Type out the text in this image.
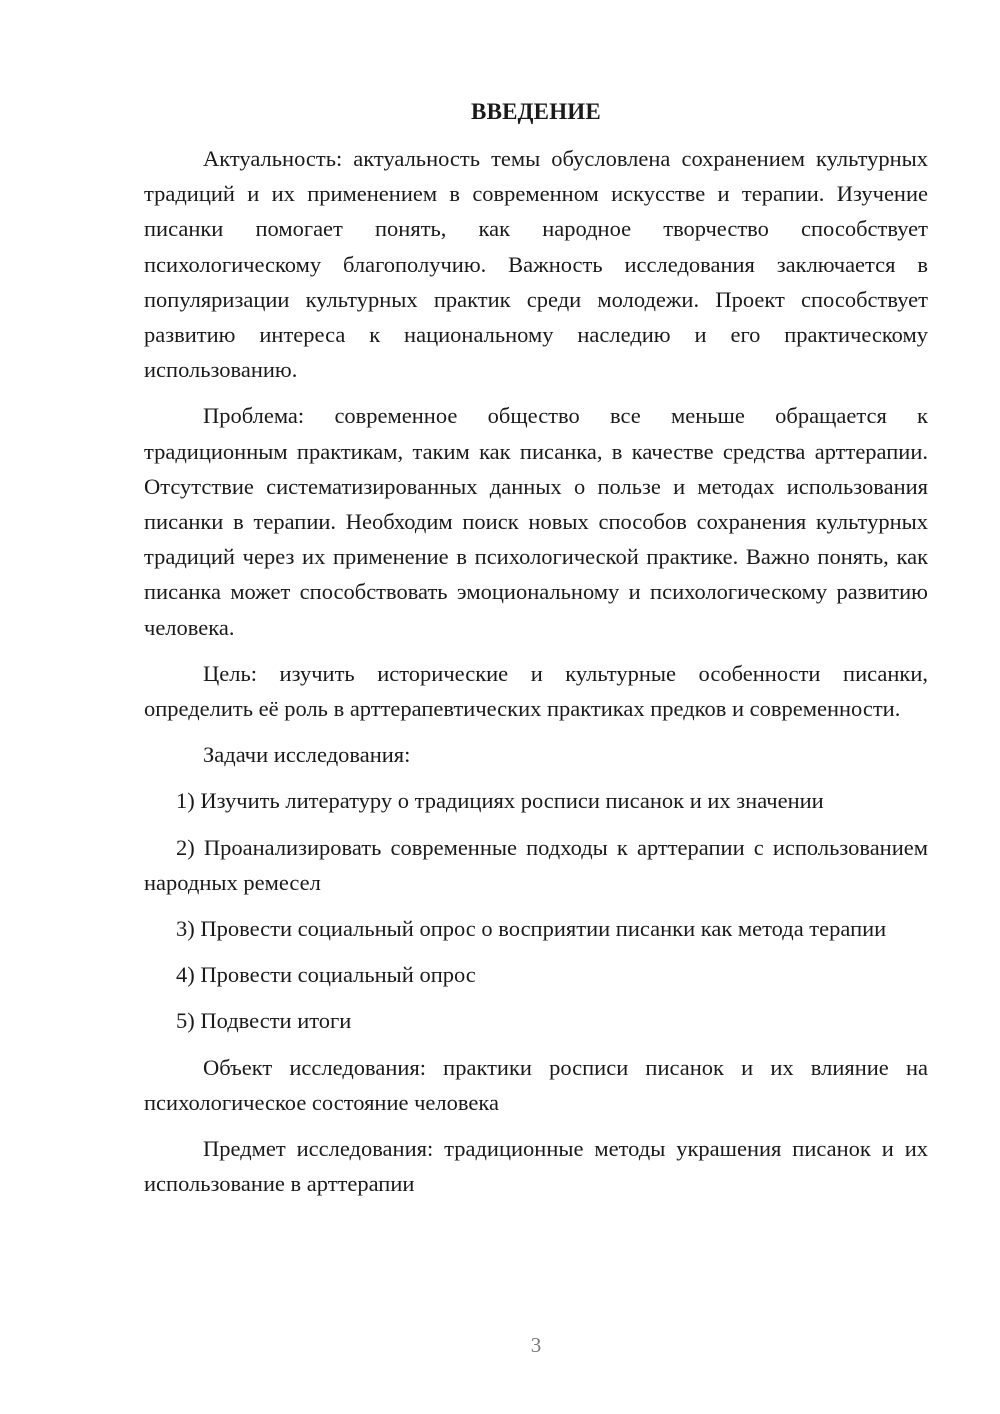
ВВЕДЕНИЕ

Актуальность: актуальность темы обусловлена сохранением культурных традиций и их применением в современном искусстве и терапии. Изучение писанки помогает понять, как народное творчество способствует психологическому благополучию. Важность исследования заключается в популяризации культурных практик среди молодежи. Проект способствует развитию интереса к национальному наследию и его практическому использованию.

Проблема: современное общество все меньше обращается к традиционным практикам, таким как писанка, в качестве средства арттерапии. Отсутствие систематизированных данных о пользе и методах использования писанки в терапии. Необходим поиск новых способов сохранения культурных традиций через их применение в психологической практике. Важно понять, как писанка может способствовать эмоциональному и психологическому развитию человека.

Цель: изучить исторические и культурные особенности писанки, определить её роль в арттерапевтических практиках предков и современности.

Задачи исследования:

1) Изучить литературу о традициях росписи писанок и их значении

2) Проанализировать современные подходы к арттерапии с использованием народных ремесел

3) Провести социальный опрос о восприятии писанки как метода терапии

4) Провести социальный опрос

5) Подвести итоги

Объект исследования: практики росписи писанок и их влияние на психологическое состояние человека

Предмет исследования: традиционные методы украшения писанок и их использование в арттерапии

3
